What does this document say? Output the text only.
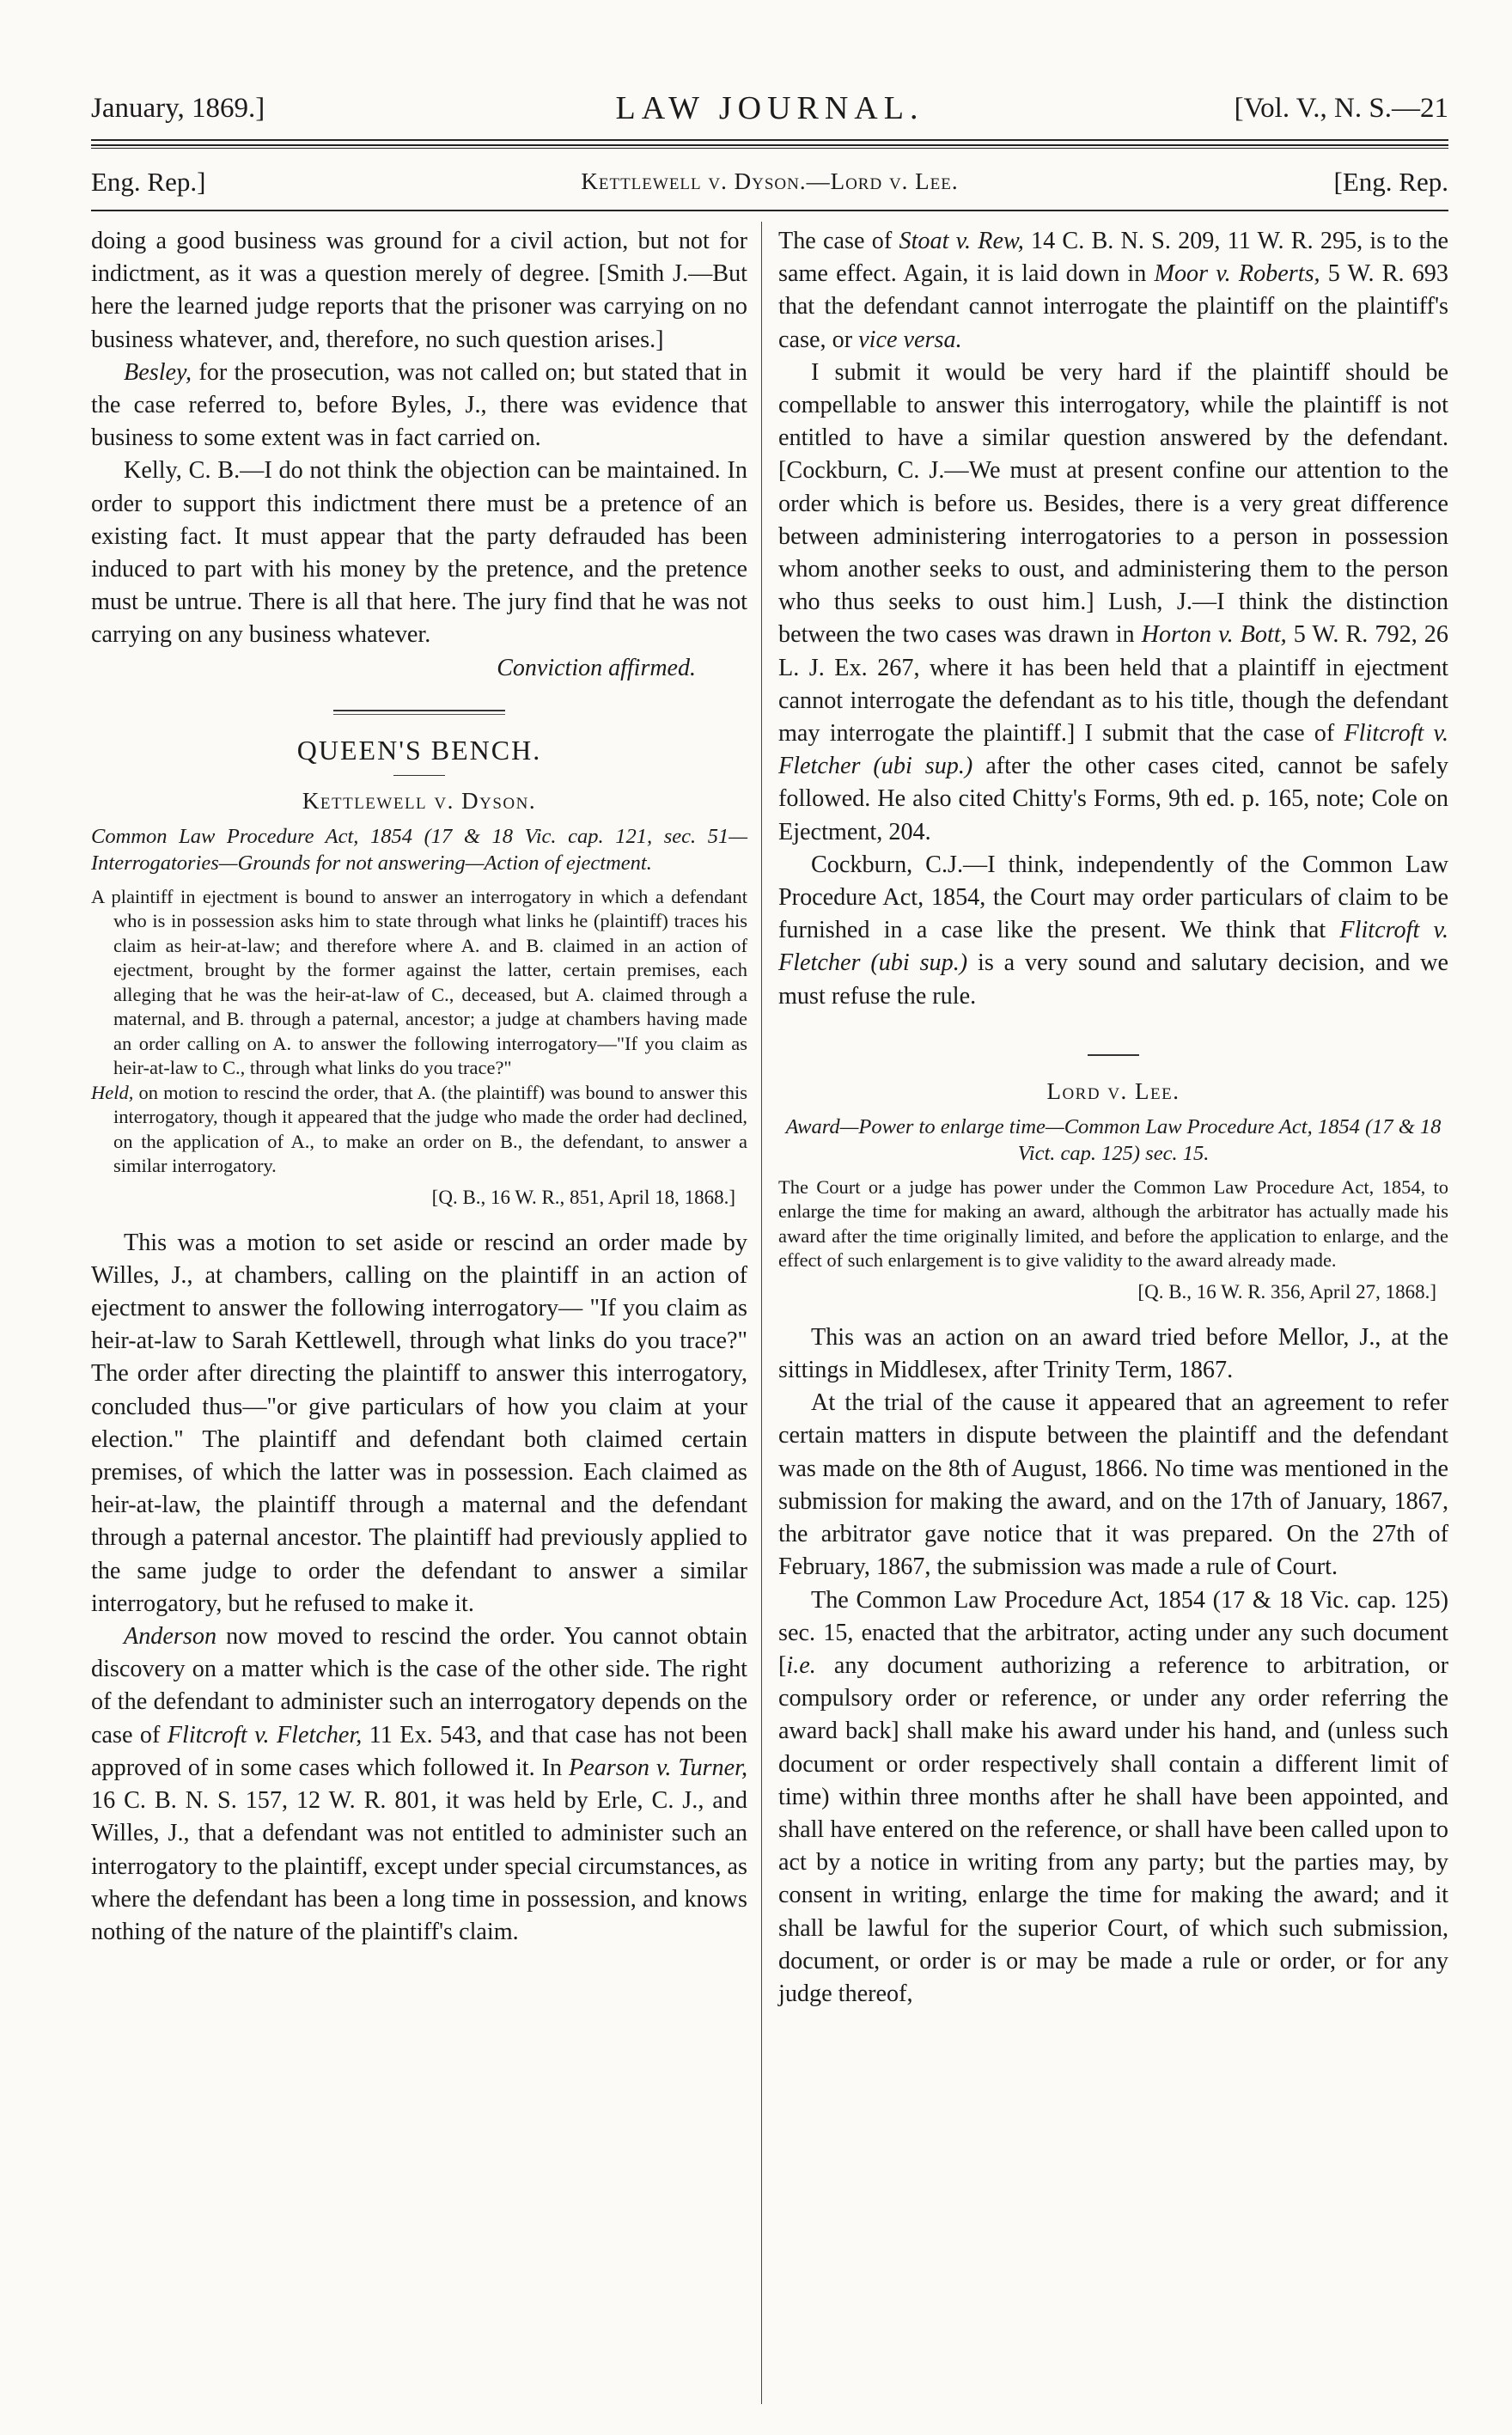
January, 1869.]	LAW JOURNAL.	[Vol. V., N. S.—21
Eng. Rep.]	Kettlewell v. Dyson.—Lord v. Lee.	[Eng. Rep.

doing a good business was ground for a civil action, but not for indictment, as it was a question merely of degree. [Smith J.—But here the learned judge reports that the prisoner was carrying on no business whatever, and, therefore, no such question arises.]

Besley, for the prosecution, was not called on; but stated that in the case referred to, before Byles, J., there was evidence that business to some extent was in fact carried on.

Kelly, C. B.—I do not think the objection can be maintained. In order to support this indictment there must be a pretence of an existing fact. It must appear that the party defrauded has been induced to part with his money by the pretence, and the pretence must be untrue. There is all that here. The jury find that he was not carrying on any business whatever.

Conviction affirmed.

QUEEN'S BENCH.
Kettlewell v. Dyson.

Common Law Procedure Act, 1854 (17 & 18 Vic. cap. 121, sec. 51—Interrogatories—Grounds for not answering—Action of ejectment.

A plaintiff in ejectment is bound to answer an interrogatory in which a defendant who is in possession asks him to state through what links he (plaintiff) traces his claim as heir-at-law; and therefore where A. and B. claimed in an action of ejectment, brought by the former against the latter, certain premises, each alleging that he was the heir-at-law of C., deceased, but A. claimed through a maternal, and B. through a paternal, ancestor; a judge at chambers having made an order calling on A. to answer the following interrogatory—"If you claim as heir-at-law to C., through what links do you trace?"

Held, on motion to rescind the order, that A. (the plaintiff) was bound to answer this interrogatory, though it appeared that the judge who made the order had declined, on the application of A., to make an order on B., the defendant, to answer a similar interrogatory.

[Q. B., 16 W. R., 851, April 18, 1868.]

This was a motion to set aside or rescind an order made by Willes, J., at chambers, calling on the plaintiff in an action of ejectment to answer the following interrogatory— "If you claim as heir-at-law to Sarah Kettlewell, through what links do you trace?" The order after directing the plaintiff to answer this interrogatory, concluded thus—"or give particulars of how you claim at your election." The plaintiff and defendant both claimed certain premises, of which the latter was in possession. Each claimed as heir-at-law, the plaintiff through a maternal and the defendant through a paternal ancestor. The plaintiff had previously applied to the same judge to order the defendant to answer a similar interrogatory, but he refused to make it.

Anderson now moved to rescind the order. You cannot obtain discovery on a matter which is the case of the other side. The right of the defendant to administer such an interrogatory depends on the case of Flitcroft v. Fletcher, 11 Ex. 543, and that case has not been approved of in some cases which followed it. In Pearson v. Turner, 16 C. B. N. S. 157, 12 W. R. 801, it was held by Erle, C. J., and Willes, J., that a defendant was not entitled to administer such an interrogatory to the plaintiff, except under special circumstances, as where the defendant has been a long time in possession, and knows nothing of the nature of the plaintiff's claim.

The case of Stoat v. Rew, 14 C. B. N. S. 209, 11 W. R. 295, is to the same effect. Again, it is laid down in Moor v. Roberts, 5 W. R. 693 that the defendant cannot interrogate the plaintiff on the plaintiff's case, or vice versa.

I submit it would be very hard if the plaintiff should be compellable to answer this interrogatory, while the plaintiff is not entitled to have a similar question answered by the defendant. [Cockburn, C. J.—We must at present confine our attention to the order which is before us. Besides, there is a very great difference between administering interrogatories to a person in possession whom another seeks to oust, and administering them to the person who thus seeks to oust him.] Lush, J.—I think the distinction between the two cases was drawn in Horton v. Bott, 5 W. R. 792, 26 L. J. Ex. 267, where it has been held that a plaintiff in ejectment cannot interrogate the defendant as to his title, though the defendant may interrogate the plaintiff.] I submit that the case of Flitcroft v. Fletcher (ubi sup.) after the other cases cited, cannot be safely followed. He also cited Chitty's Forms, 9th ed. p. 165, note; Cole on Ejectment, 204.

Cockburn, C.J.—I think, independently of the Common Law Procedure Act, 1854, the Court may order particulars of claim to be furnished in a case like the present. We think that Flitcroft v. Fletcher (ubi sup.) is a very sound and salutary decision, and we must refuse the rule.

Lord v. Lee.

Award—Power to enlarge time—Common Law Procedure Act, 1854 (17 & 18 Vict. cap. 125) sec. 15.

The Court or a judge has power under the Common Law Procedure Act, 1854, to enlarge the time for making an award, although the arbitrator has actually made his award after the time originally limited, and before the application to enlarge, and the effect of such enlargement is to give validity to the award already made.

[Q. B., 16 W. R. 356, April 27, 1868.]

This was an action on an award tried before Mellor, J., at the sittings in Middlesex, after Trinity Term, 1867.

At the trial of the cause it appeared that an agreement to refer certain matters in dispute between the plaintiff and the defendant was made on the 8th of August, 1866. No time was mentioned in the submission for making the award, and on the 17th of January, 1867, the arbitrator gave notice that it was prepared. On the 27th of February, 1867, the submission was made a rule of Court.

The Common Law Procedure Act, 1854 (17 & 18 Vic. cap. 125) sec. 15, enacted that the arbitrator, acting under any such document [i.e. any document authorizing a reference to arbitration, or compulsory order or reference, or under any order referring the award back] shall make his award under his hand, and (unless such document or order respectively shall contain a different limit of time) within three months after he shall have been appointed, and shall have entered on the reference, or shall have been called upon to act by a notice in writing from any party; but the parties may, by consent in writing, enlarge the time for making the award; and it shall be lawful for the superior Court, of which such submission, document, or order is or may be made a rule or order, or for any judge thereof,
